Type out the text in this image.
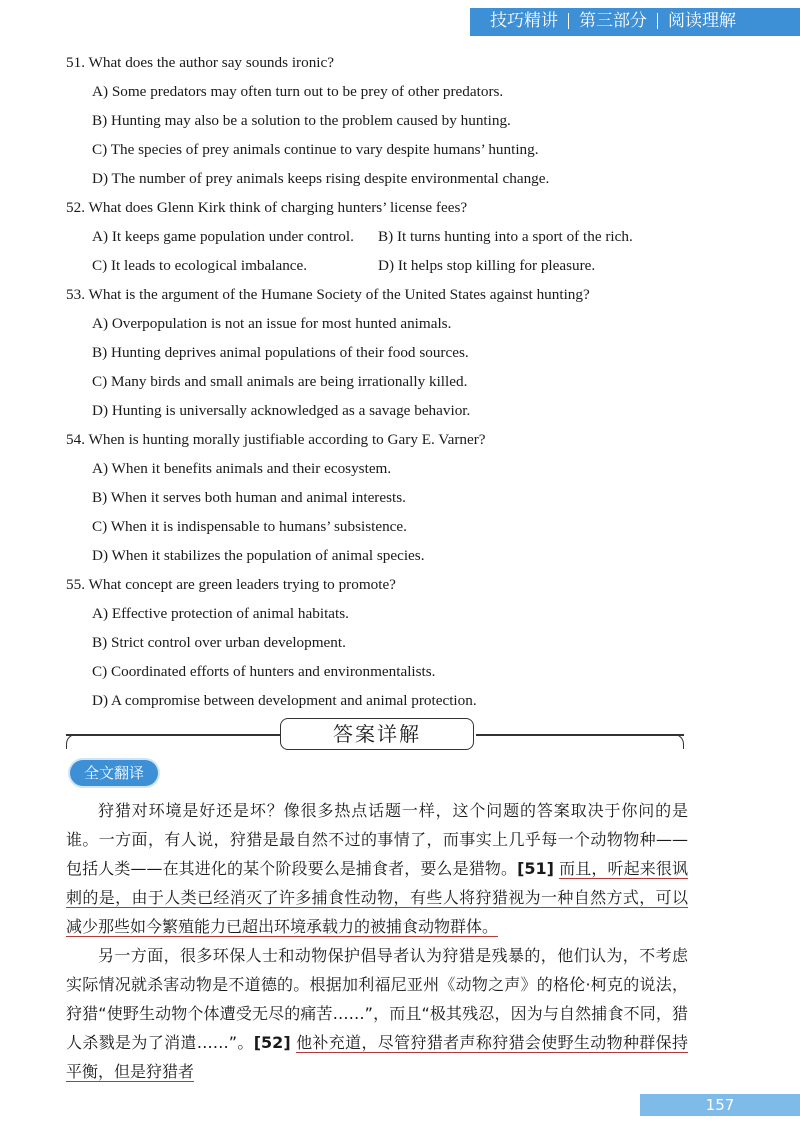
技巧精讲 第三部分 阅读理解
51. What does the author say sounds ironic?
A) Some predators may often turn out to be prey of other predators.
B) Hunting may also be a solution to the problem caused by hunting.
C) The species of prey animals continue to vary despite humans’ hunting.
D) The number of prey animals keeps rising despite environmental change.
52. What does Glenn Kirk think of charging hunters’ license fees?
A) It keeps game population under control.	B) It turns hunting into a sport of the rich.
C) It leads to ecological imbalance.	D) It helps stop killing for pleasure.
53. What is the argument of the Humane Society of the United States against hunting?
A) Overpopulation is not an issue for most hunted animals.
B) Hunting deprives animal populations of their food sources.
C) Many birds and small animals are being irrationally killed.
D) Hunting is universally acknowledged as a savage behavior.
54. When is hunting morally justifiable according to Gary E. Varner?
A) When it benefits animals and their ecosystem.
B) When it serves both human and animal interests.
C) When it is indispensable to humans’ subsistence.
D) When it stabilizes the population of animal species.
55. What concept are green leaders trying to promote?
A) Effective protection of animal habitats.
B) Strict control over urban development.
C) Coordinated efforts of hunters and environmentalists.
D) A compromise between development and animal protection.
答案详解
全文翻译

狩猎对环境是好还是坏？像很多热点话题一样，这个问题的答案取决于你问的是谁。一方面，有人说，狩猎是最自然不过的事情了，而事实上几乎每一个动物物种——包括人类——在其进化的某个阶段要么是捕食者，要么是猎物。[51] 而且，听起来很讽刺的是，由于人类已经消灭了许多捕食性动物，有些人将狩猎视为一种自然方式，可以减少那些如今繁殖能力已超出环境承载力的被捕食动物群体。

另一方面，很多环保人士和动物保护倡导者认为狩猎是残暴的，他们认为，不考虑实际情况就杀害动物是不道德的。根据加利福尼亚州《动物之声》的格伦·柯克的说法，狩猎“使野生动物个体遭受无尽的痛苦……”，而且“极其残忍，因为与自然捕食不同，猎人杀戮是为了消遣……”。[52] 他补充道，尽管狩猎者声称狩猎会使野生动物种群保持平衡，但是狩猎者

157
